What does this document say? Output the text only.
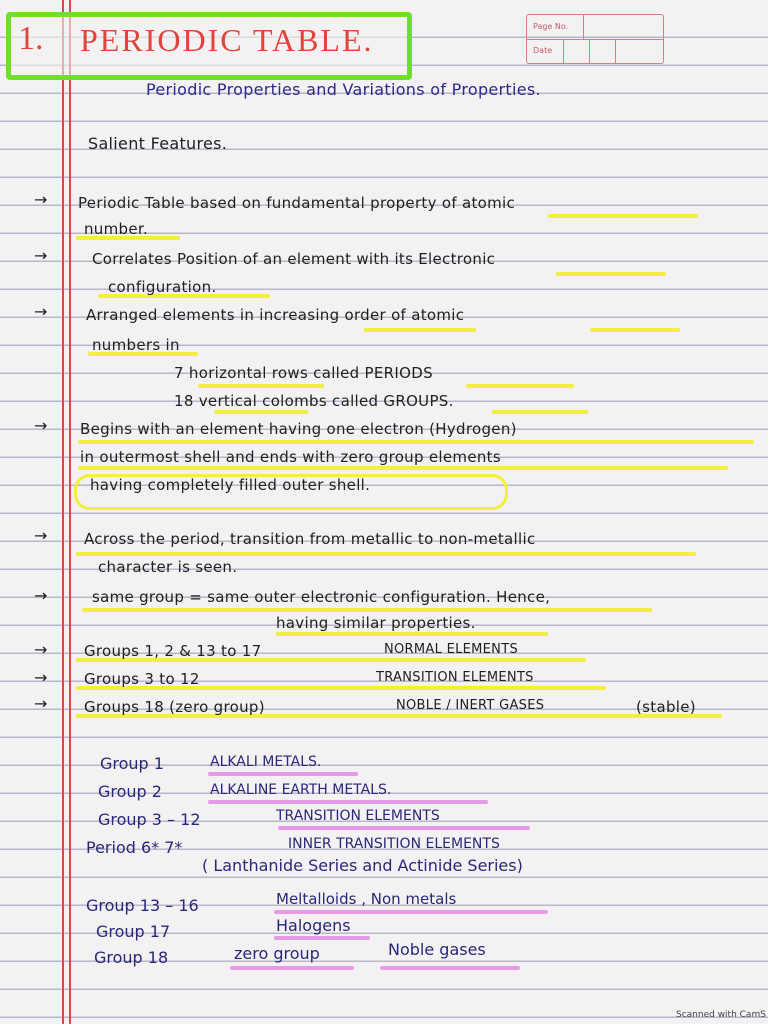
1. PERIODIC TABLE.	Page No.
Date
Periodic Properties and Variations of Properties.
Salient Features.
→
→
→
→
→
→
→
→
→
Periodic Table based on fundamental property of atomic
number.
Correlates Position of an element with its Electronic
configuration.
Arranged elements in increasing order of atomic
numbers in
7 horizontal rows called PERIODS
18 vertical colombs called GROUPS.
Begins with an element having one electron (Hydrogen)
in outermost shell and ends with zero group elements
having completely filled outer shell.
Across the period, transition from metallic to non-metallic
character is seen.
same group = same outer electronic configuration. Hence,
having similar properties.
Groups 1, 2 & 13 to 17	NORMAL ELEMENTS
Groups 3 to 12	TRANSITION ELEMENTS
Groups 18 (zero group)	NOBLE / INERT GASES	(stable)
Group 1	ALKALI METALS.
Group 2	ALKALINE EARTH METALS.
Group 3 – 12	TRANSITION ELEMENTS
Period 6* 7*	INNER TRANSITION ELEMENTS
( Lanthanide Series and Actinide Series)
Group 13 – 16	Meltalloids , Non metals
Group 17	Halogens
Group 18	zero group	Noble gases
Scanned with CamS
